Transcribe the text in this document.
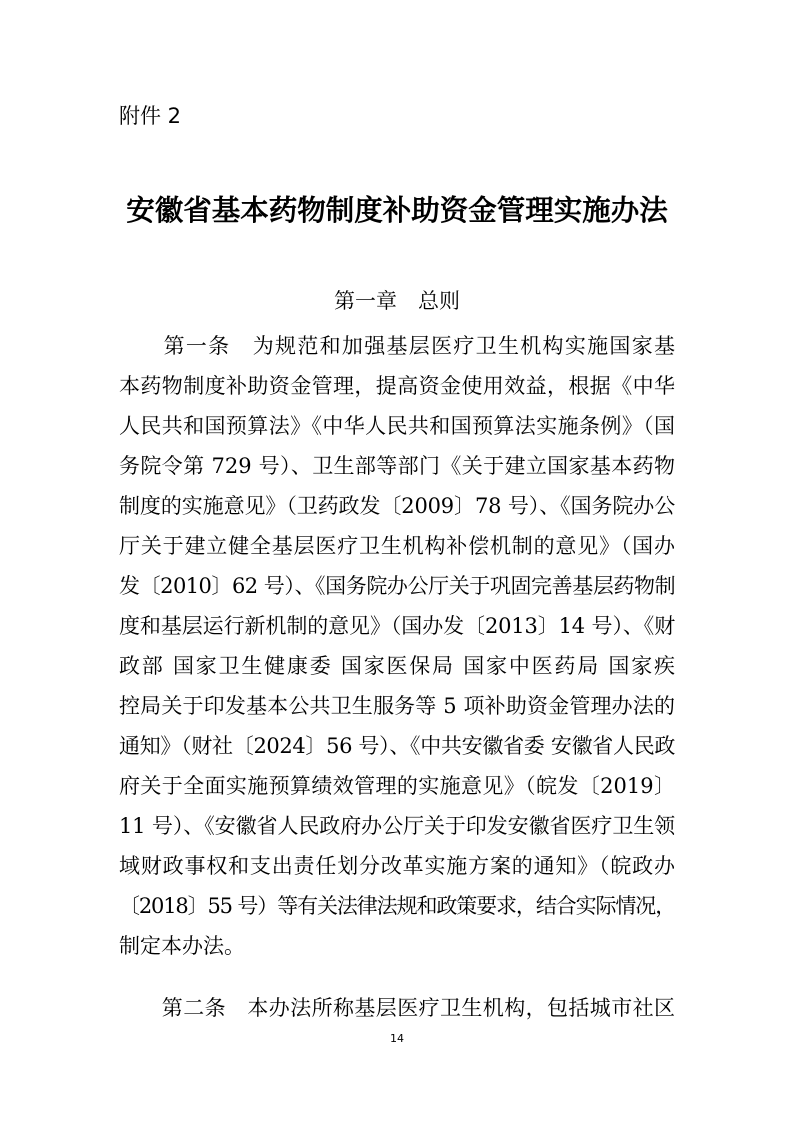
附件 2
安徽省基本药物制度补助资金管理实施办法
第一章　总则
　　第一条　为规范和加强基层医疗卫生机构实施国家基
本药物制度补助资金管理，提高资金使用效益，根据《中华
人民共和国预算法》《中华人民共和国预算法实施条例》（国
务院令第 729 号）、卫生部等部门《关于建立国家基本药物
制度的实施意见》（卫药政发〔2009〕78 号）、《国务院办公
厅关于建立健全基层医疗卫生机构补偿机制的意见》（国办
发〔2010〕62 号）、《国务院办公厅关于巩固完善基层药物制
度和基层运行新机制的意见》（国办发〔2013〕14 号）、《财
政部 国家卫生健康委 国家医保局 国家中医药局 国家疾
控局关于印发基本公共卫生服务等 5 项补助资金管理办法的
通知》（财社〔2024〕56 号）、《中共安徽省委 安徽省人民政
府关于全面实施预算绩效管理的实施意见》（皖发〔2019〕
11 号）、《安徽省人民政府办公厅关于印发安徽省医疗卫生领
域财政事权和支出责任划分改革实施方案的通知》（皖政办
〔2018〕55 号）等有关法律法规和政策要求，结合实际情况，
制定本办法。
　　第二条　本办法所称基层医疗卫生机构，包括城市社区
14
